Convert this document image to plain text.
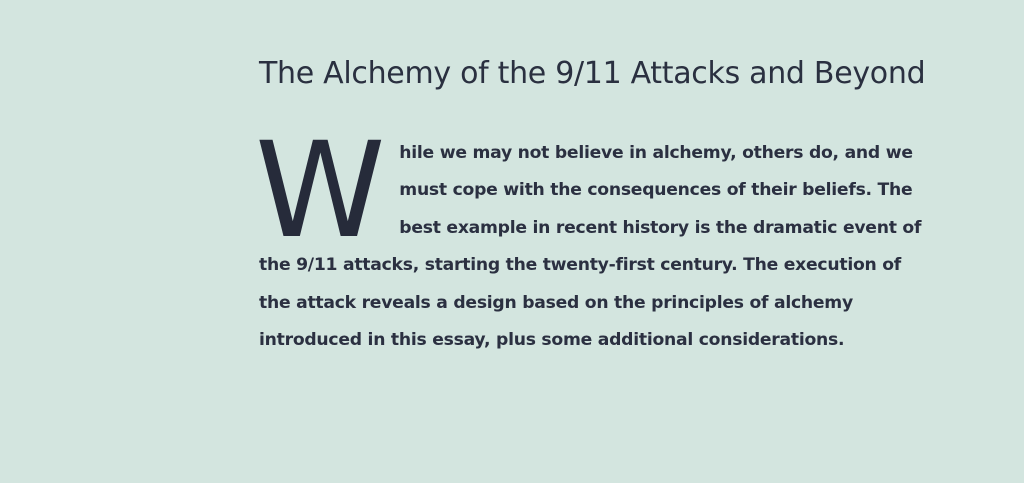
The Alchemy of the 9/11 Attacks and Beyond

While we may not believe in alchemy, others do, and we must cope with the consequences of their beliefs. The best example in recent history is the dramatic event of the 9/11 attacks, starting the twenty-first century. The execution of the attack reveals a design based on the principles of alchemy introduced in this essay, plus some additional considerations.
